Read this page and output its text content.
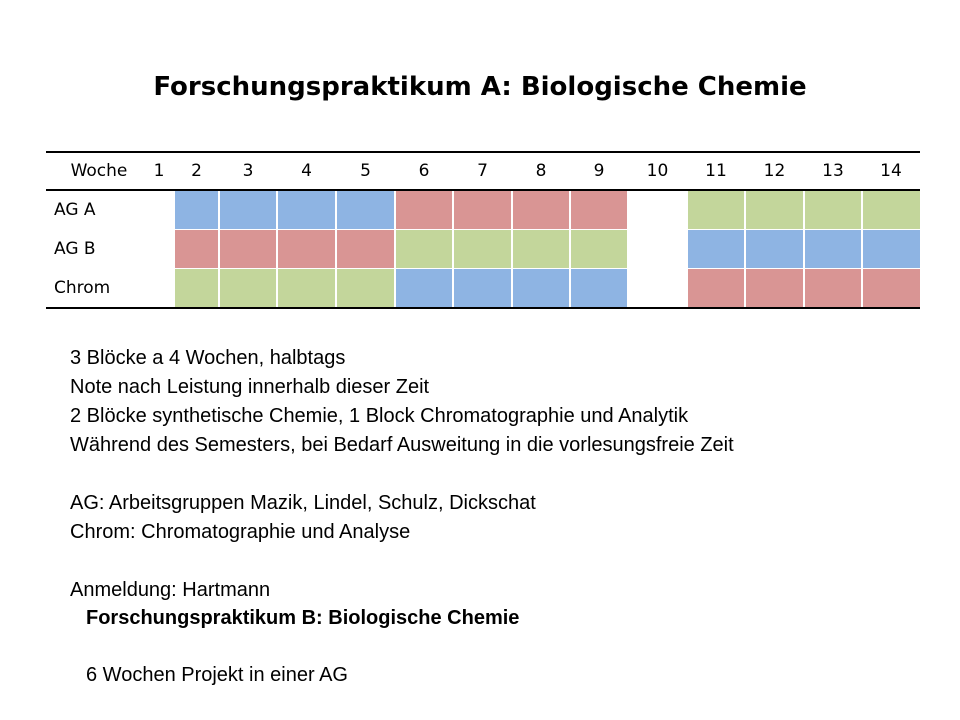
Forschungspraktikum A: Biologische Chemie
Woche	1	2	3	4	5	6	7	8	9	10	11	12	13	14
AG A														
AG B														
Chrom														
3 Blöcke a 4 Wochen, halbtags
Note nach Leistung innerhalb dieser Zeit
2 Blöcke synthetische Chemie, 1 Block Chromatographie und Analytik
Während des Semesters, bei Bedarf Ausweitung in die vorlesungsfreie Zeit
AG: Arbeitsgruppen Mazik, Lindel, Schulz, Dickschat
Chrom: Chromatographie und Analyse
Anmeldung: Hartmann
Forschungspraktikum B: Biologische Chemie
6 Wochen Projekt in einer AG
